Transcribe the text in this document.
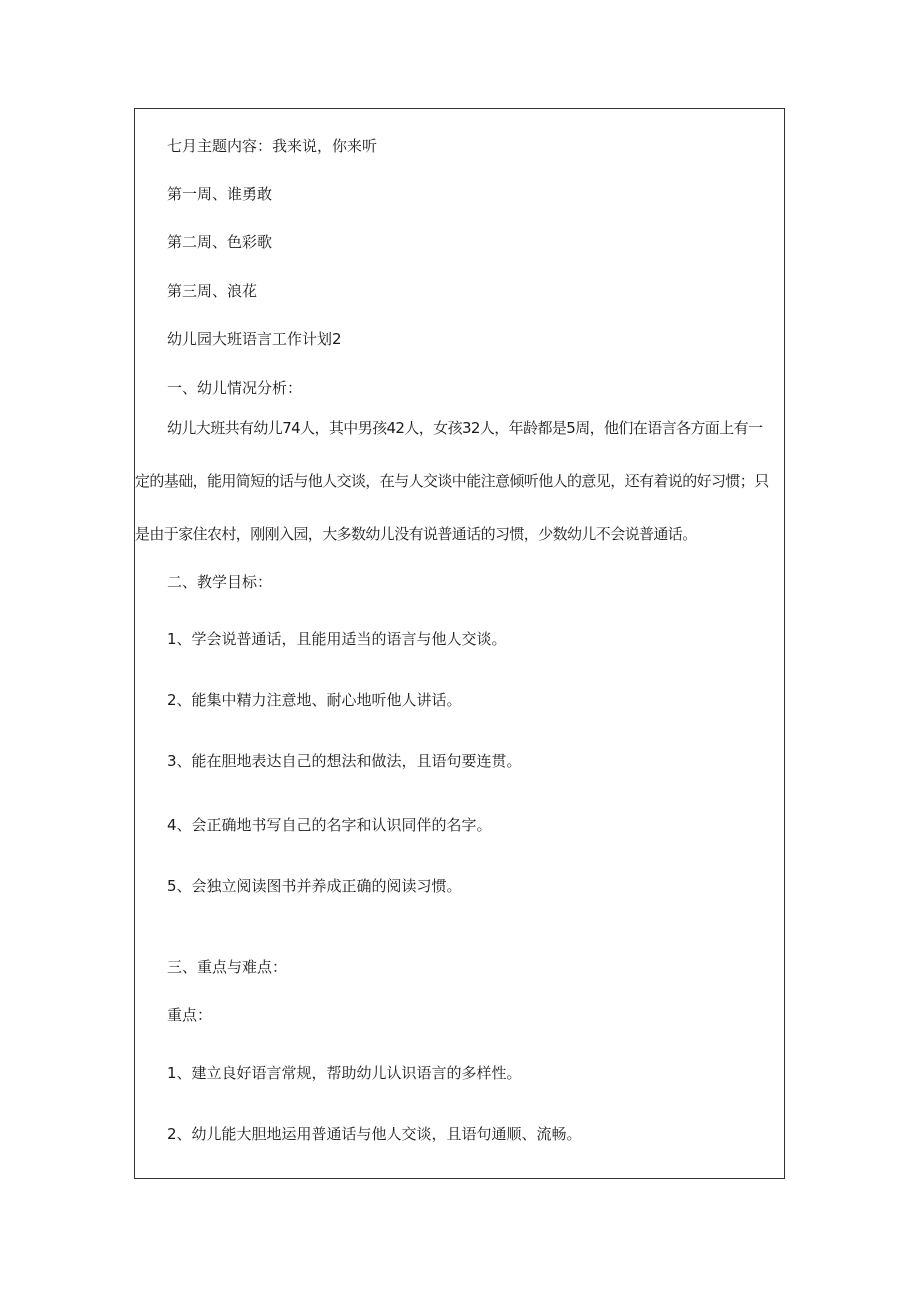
七月主题内容：我来说，你来听
第一周、谁勇敢
第二周、色彩歌
第三周、浪花
幼儿园大班语言工作计划2
一、幼儿情况分析：
幼儿大班共有幼儿74人，其中男孩42人，女孩32人，年龄都是5周，他们在语言各方面上有一
定的基础，能用简短的话与他人交谈，在与人交谈中能注意倾听他人的意见，还有着说的好习惯；只
是由于家住农村，刚刚入园，大多数幼儿没有说普通话的习惯，少数幼儿不会说普通话。
二、教学目标：
1、学会说普通话，且能用适当的语言与他人交谈。
2、能集中精力注意地、耐心地听他人讲话。
3、能在胆地表达自己的想法和做法，且语句要连贯。
4、会正确地书写自己的名字和认识同伴的名字。
5、会独立阅读图书并养成正确的阅读习惯。
三、重点与难点：
重点：
1、建立良好语言常规，帮助幼儿认识语言的多样性。
2、幼儿能大胆地运用普通话与他人交谈，且语句通顺、流畅。
